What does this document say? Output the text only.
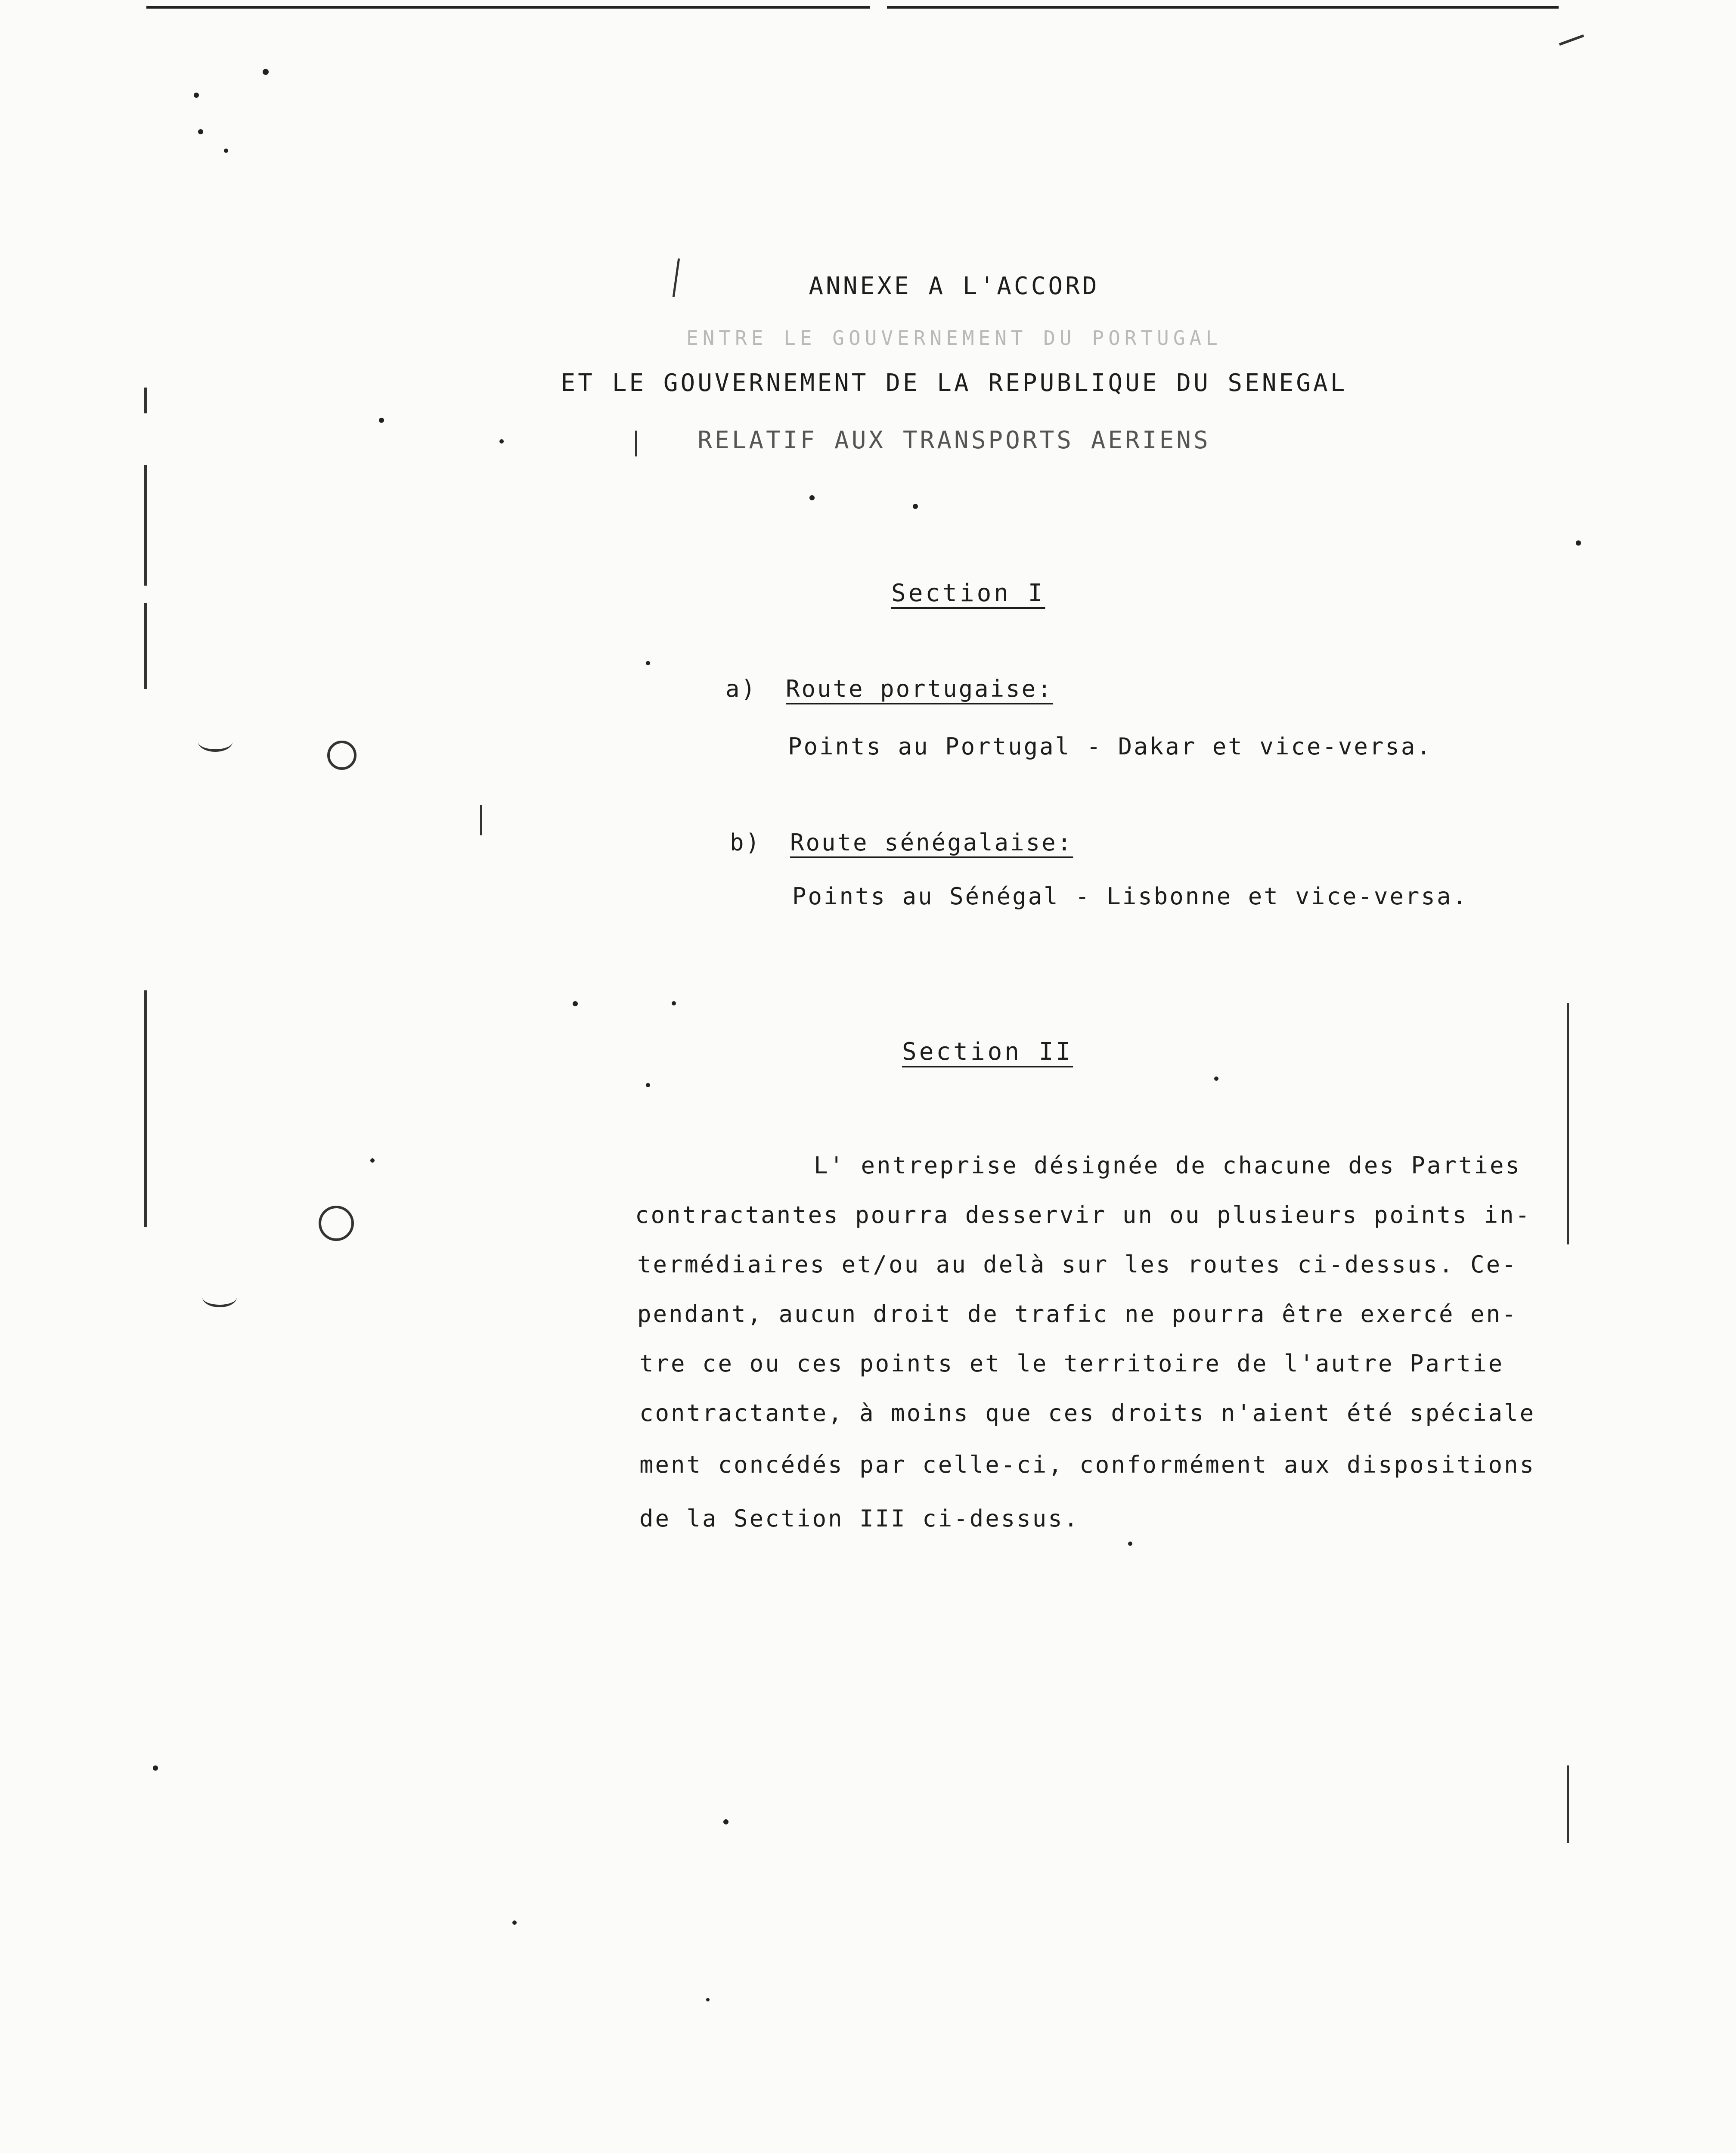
ANNEXE A L'ACCORD
ENTRE LE GOUVERNEMENT DU PORTUGAL
ET LE GOUVERNEMENT DE LA REPUBLIQUE DU SENEGAL
RELATIF AUX TRANSPORTS AERIENS
Section I
a) Route portugaise:
Points au Portugal - Dakar et vice-versa.
b) Route sénégalaise:
Points au Sénégal - Lisbonne et vice-versa.
Section II
L' entreprise désignée de chacune des Parties
contractantes pourra desservir un ou plusieurs points in-
termédiaires et/ou au delà sur les routes ci-dessus. Ce-
pendant, aucun droit de trafic ne pourra être exercé en-
tre ce ou ces points et le territoire de l'autre Partie
contractante, à moins que ces droits n'aient été spéciale
ment concédés par celle-ci, conformément aux dispositions
de la Section III ci-dessus.
